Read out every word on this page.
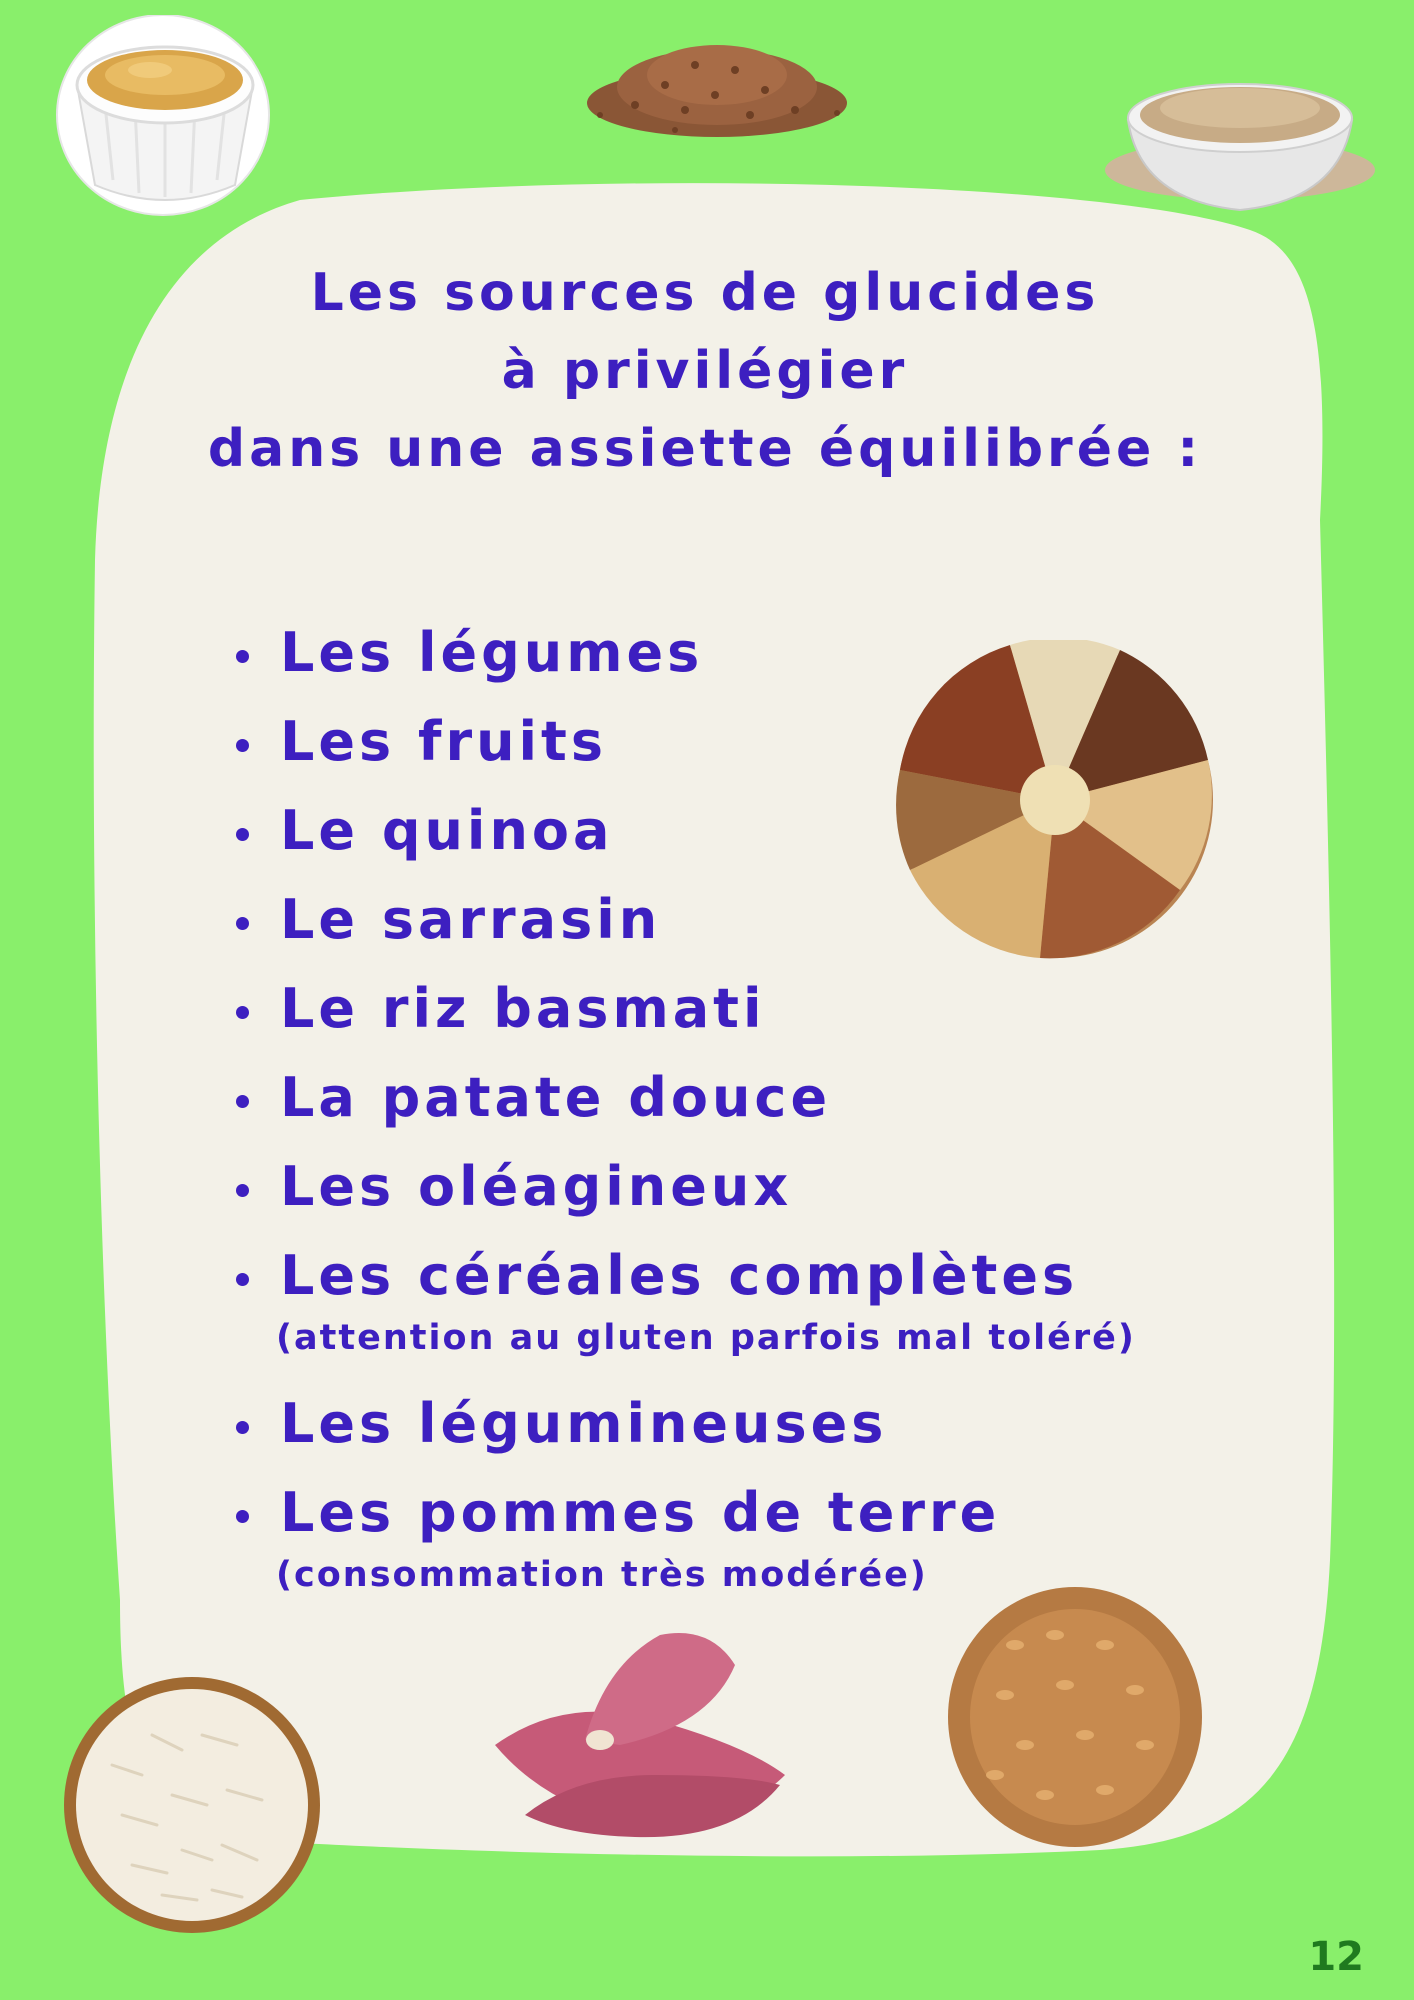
Les sources de glucides
à privilégier
dans une assiette équilibrée :
Les légumes
Les fruits
Le quinoa
Le sarrasin
Le riz basmati
La patate douce
Les oléagineux
Les céréales complètes
(attention au gluten parfois mal toléré)
Les légumineuses
Les pommes de terre
(consommation très modérée)
12
